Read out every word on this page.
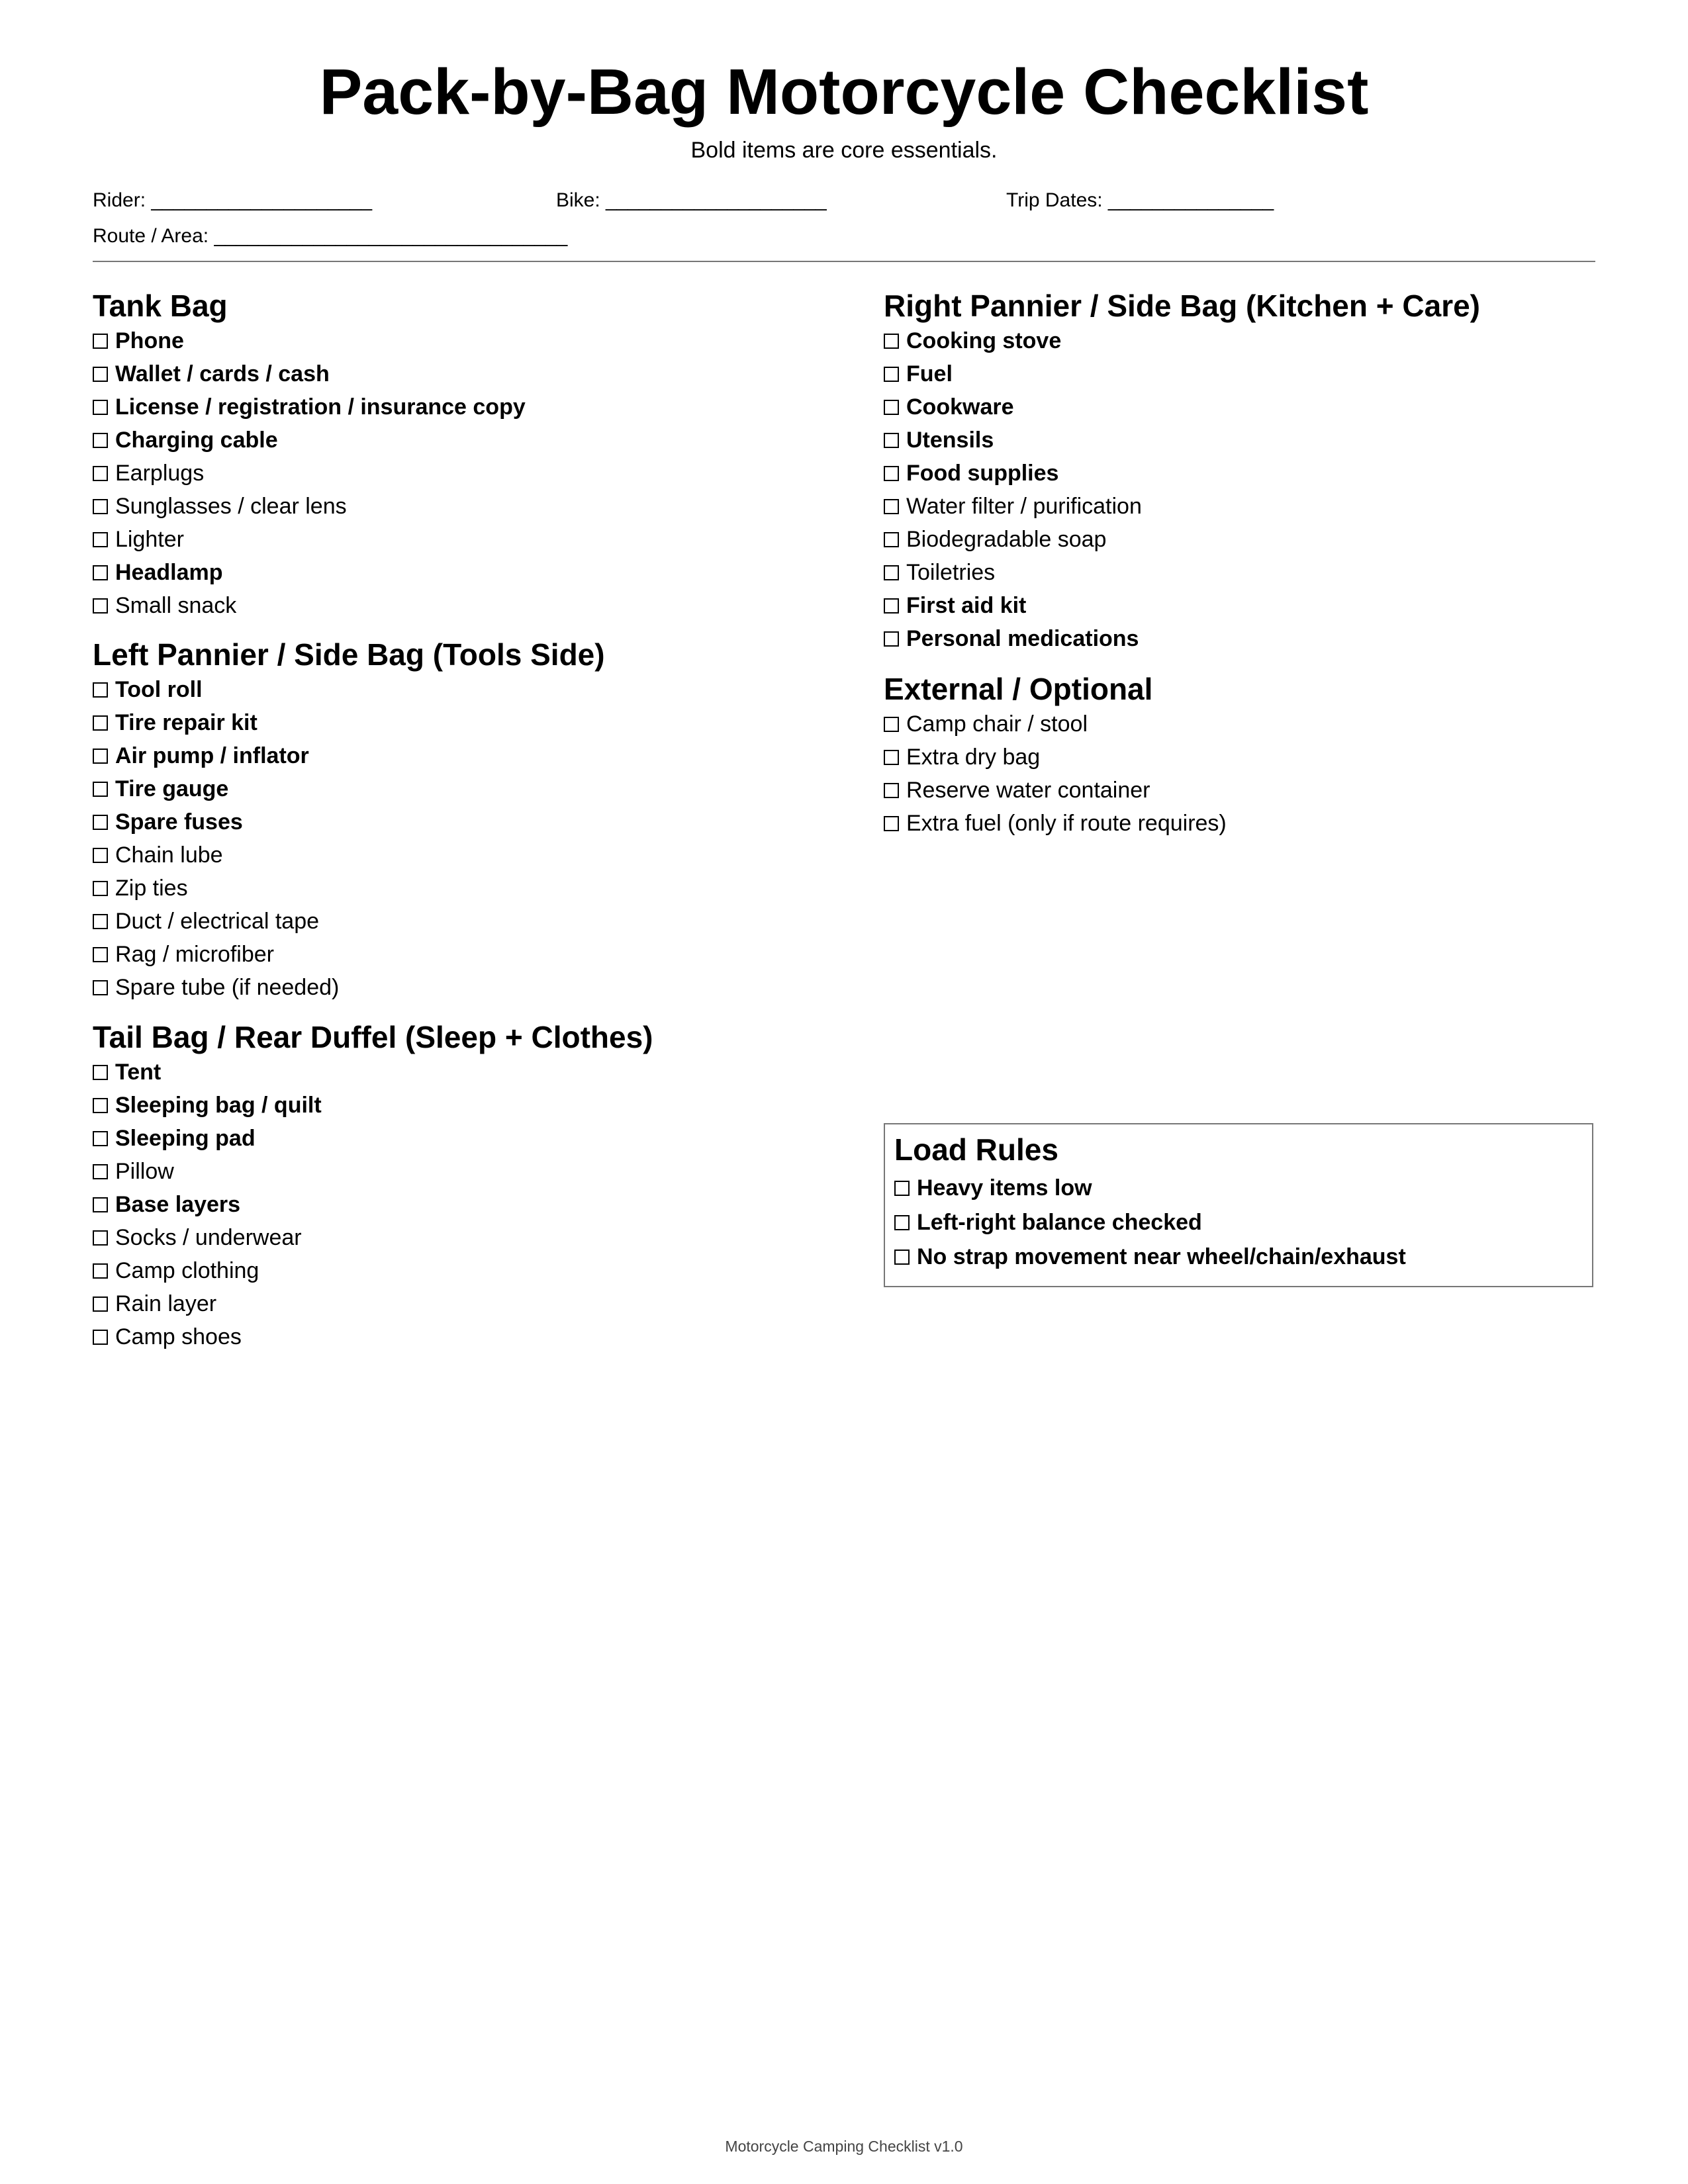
Pack-by-Bag Motorcycle Checklist
Bold items are core essentials.
Rider: ____________________	Bike: ____________________	Trip Dates: _______________
Route / Area: ________________________________
Tank Bag
Phone
Wallet / cards / cash
License / registration / insurance copy
Charging cable
Earplugs
Sunglasses / clear lens
Lighter
Headlamp
Small snack
Left Pannier / Side Bag (Tools Side)
Tool roll
Tire repair kit
Air pump / inflator
Tire gauge
Spare fuses
Chain lube
Zip ties
Duct / electrical tape
Rag / microfiber
Spare tube (if needed)
Tail Bag / Rear Duffel (Sleep + Clothes)
Tent
Sleeping bag / quilt
Sleeping pad
Pillow
Base layers
Socks / underwear
Camp clothing
Rain layer
Camp shoes
Right Pannier / Side Bag (Kitchen + Care)
Cooking stove
Fuel
Cookware
Utensils
Food supplies
Water filter / purification
Biodegradable soap
Toiletries
First aid kit
Personal medications
External / Optional
Camp chair / stool
Extra dry bag
Reserve water container
Extra fuel (only if route requires)
Load Rules
Heavy items low
Left-right balance checked
No strap movement near wheel/chain/exhaust
Motorcycle Camping Checklist v1.0
